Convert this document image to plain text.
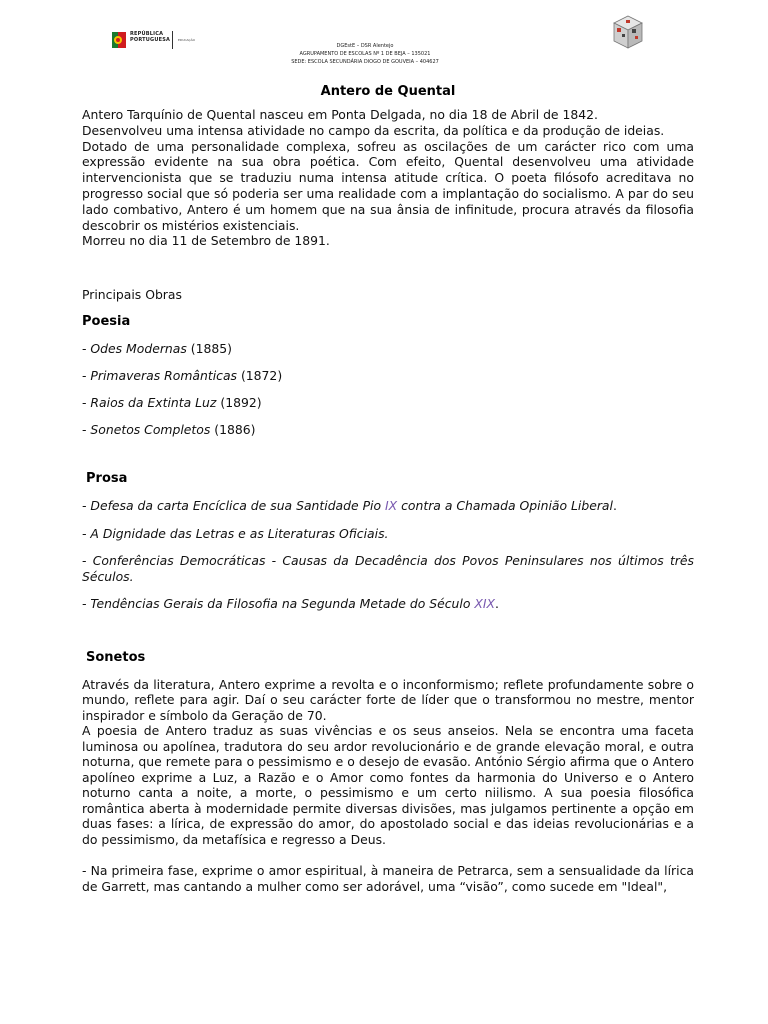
REPÚBLICA
PORTUGUESA	EDUCAÇÃO
DGEstE – DSR Alentejo
AGRUPAMENTO DE ESCOLAS Nº 1 DE BEJA – 135021
SEDE: ESCOLA SECUNDÁRIA DIOGO DE GOUVEIA – 404627
Antero de Quental

Antero Tarquínio de Quental nasceu em Ponta Delgada, no dia 18 de Abril de 1842.

Desenvolveu uma intensa atividade no campo da escrita, da política e da produção de ideias.

Dotado de uma personalidade complexa, sofreu as oscilações de um carácter rico com uma expressão evidente na sua obra poética. Com efeito, Quental desenvolveu uma atividade intervencionista que se traduziu numa intensa atitude crítica. O poeta filósofo acreditava no progresso social que só poderia ser uma realidade com a implantação do socialismo. A par do seu lado combativo, Antero é um homem que na sua ânsia de infinitude, procura através da filosofia descobrir os mistérios existenciais.

Morreu no dia 11 de Setembro de 1891.

Principais Obras

Poesia

- Odes Modernas (1885)

- Primaveras Românticas (1872)

- Raios da Extinta Luz (1892)

- Sonetos Completos (1886)

Prosa

- Defesa da carta Encíclica de sua Santidade Pio IX contra a Chamada Opinião Liberal.

- A Dignidade das Letras e as Literaturas Oficiais.

- Conferências Democráticas - Causas da Decadência dos Povos Peninsulares nos últimos três Séculos.

- Tendências Gerais da Filosofia na Segunda Metade do Século XIX.

Sonetos

Através da literatura, Antero exprime a revolta e o inconformismo; reflete profundamente sobre o mundo, reflete para agir. Daí o seu carácter forte de líder que o transformou no mestre, mentor inspirador e símbolo da Geração de 70.

A poesia de Antero traduz as suas vivências e os seus anseios. Nela se encontra uma faceta luminosa ou apolínea, tradutora do seu ardor revolucionário e de grande elevação moral, e outra noturna, que remete para o pessimismo e o desejo de evasão. António Sérgio afirma que o Antero apolíneo exprime a Luz, a Razão e o Amor como fontes da harmonia do Universo e o Antero noturno canta a noite, a morte, o pessimismo e um certo niilismo. A sua poesia filosófica romântica aberta à modernidade permite diversas divisões, mas julgamos pertinente a opção em duas fases: a lírica, de expressão do amor, do apostolado social e das ideias revolucionárias e a do pessimismo, da metafísica e regresso a Deus.

- Na primeira fase, exprime o amor espiritual, à maneira de Petrarca, sem a sensualidade da lírica de Garrett, mas cantando a mulher como ser adorável, uma “visão”, como sucede em "Ideal",
